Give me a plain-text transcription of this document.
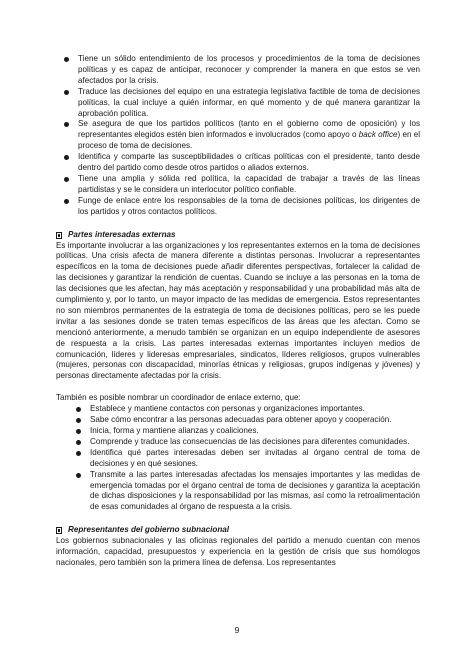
Tiene un sólido entendimiento de los procesos y procedimientos de la toma de decisiones políticas y es capaz de anticipar, reconocer y comprender la manera en que estos se ven afectados por la crisis.
Traduce las decisiones del equipo en una estrategia legislativa factible de toma de decisiones políticas, la cual incluye a quién informar, en qué momento y de qué manera garantizar la aprobación política.
Se asegura de que los partidos políticos (tanto en el gobierno como de oposición) y los representantes elegidos estén bien informados e involucrados (como apoyo o back office) en el proceso de toma de decisiones.
Identifica y comparte las susceptibilidades o críticas políticas con el presidente, tanto desde dentro del partido como desde otros partidos o aliados externos.
Tiene una amplia y sólida red política, la capacidad de trabajar a través de las líneas partidistas y se le considera un interlocutor político confiable.
Funge de enlace entre los responsables de la toma de decisiones políticas, los dirigentes de los partidos y otros contactos políticos.
Partes interesadas externas

Es importante involucrar a las organizaciones y los representantes externos en la toma de decisiones políticas. Una crisis afecta de manera diferente a distintas personas. Involucrar a representantes específicos en la toma de decisiones puede añadir diferentes perspectivas, fortalecer la calidad de las decisiones y garantizar la rendición de cuentas. Cuando se incluye a las personas en la toma de las decisiones que les afectan, hay más aceptación y responsabilidad y una probabilidad más alta de cumplimiento y, por lo tanto, un mayor impacto de las medidas de emergencia. Estos representantes no son miembros permanentes de la estrategia de toma de decisiones políticas, pero se les puede invitar a las sesiones donde se traten temas específicos de las áreas que les afectan. Como se mencionó anteriormente, a menudo también se organizan en un equipo independiente de asesores de respuesta a la crisis. Las partes interesadas externas importantes incluyen medios de comunicación, líderes y lideresas empresariales, sindicatos, líderes religiosos, grupos vulnerables (mujeres, personas con discapacidad, minorías étnicas y religiosas, grupos indígenas y jóvenes) y personas directamente afectadas por la crisis.

También es posible nombrar un coordinador de enlace externo, que:

Establece y mantiene contactos con personas y organizaciones importantes.
Sabe cómo encontrar a las personas adecuadas para obtener apoyo y cooperación.
Inicia, forma y mantiene alianzas y coaliciones.
Comprende y traduce las consecuencias de las decisiones para diferentes comunidades.
Identifica qué partes interesadas deben ser invitadas al órgano central de toma de decisiones y en qué sesiones.
Transmite a las partes interesadas afectadas los mensajes importantes y las medidas de emergencia tomadas por el órgano central de toma de decisiones y garantiza la aceptación de dichas disposiciones y la responsabilidad por las mismas, así como la retroalimentación de esas comunidades al órgano de respuesta a la crisis.
Representantes del gobierno subnacional

Los gobiernos subnacionales y las oficinas regionales del partido a menudo cuentan con menos información, capacidad, presupuestos y experiencia en la gestión de crisis que sus homólogos nacionales, pero también son la primera línea de defensa. Los representantes

9
